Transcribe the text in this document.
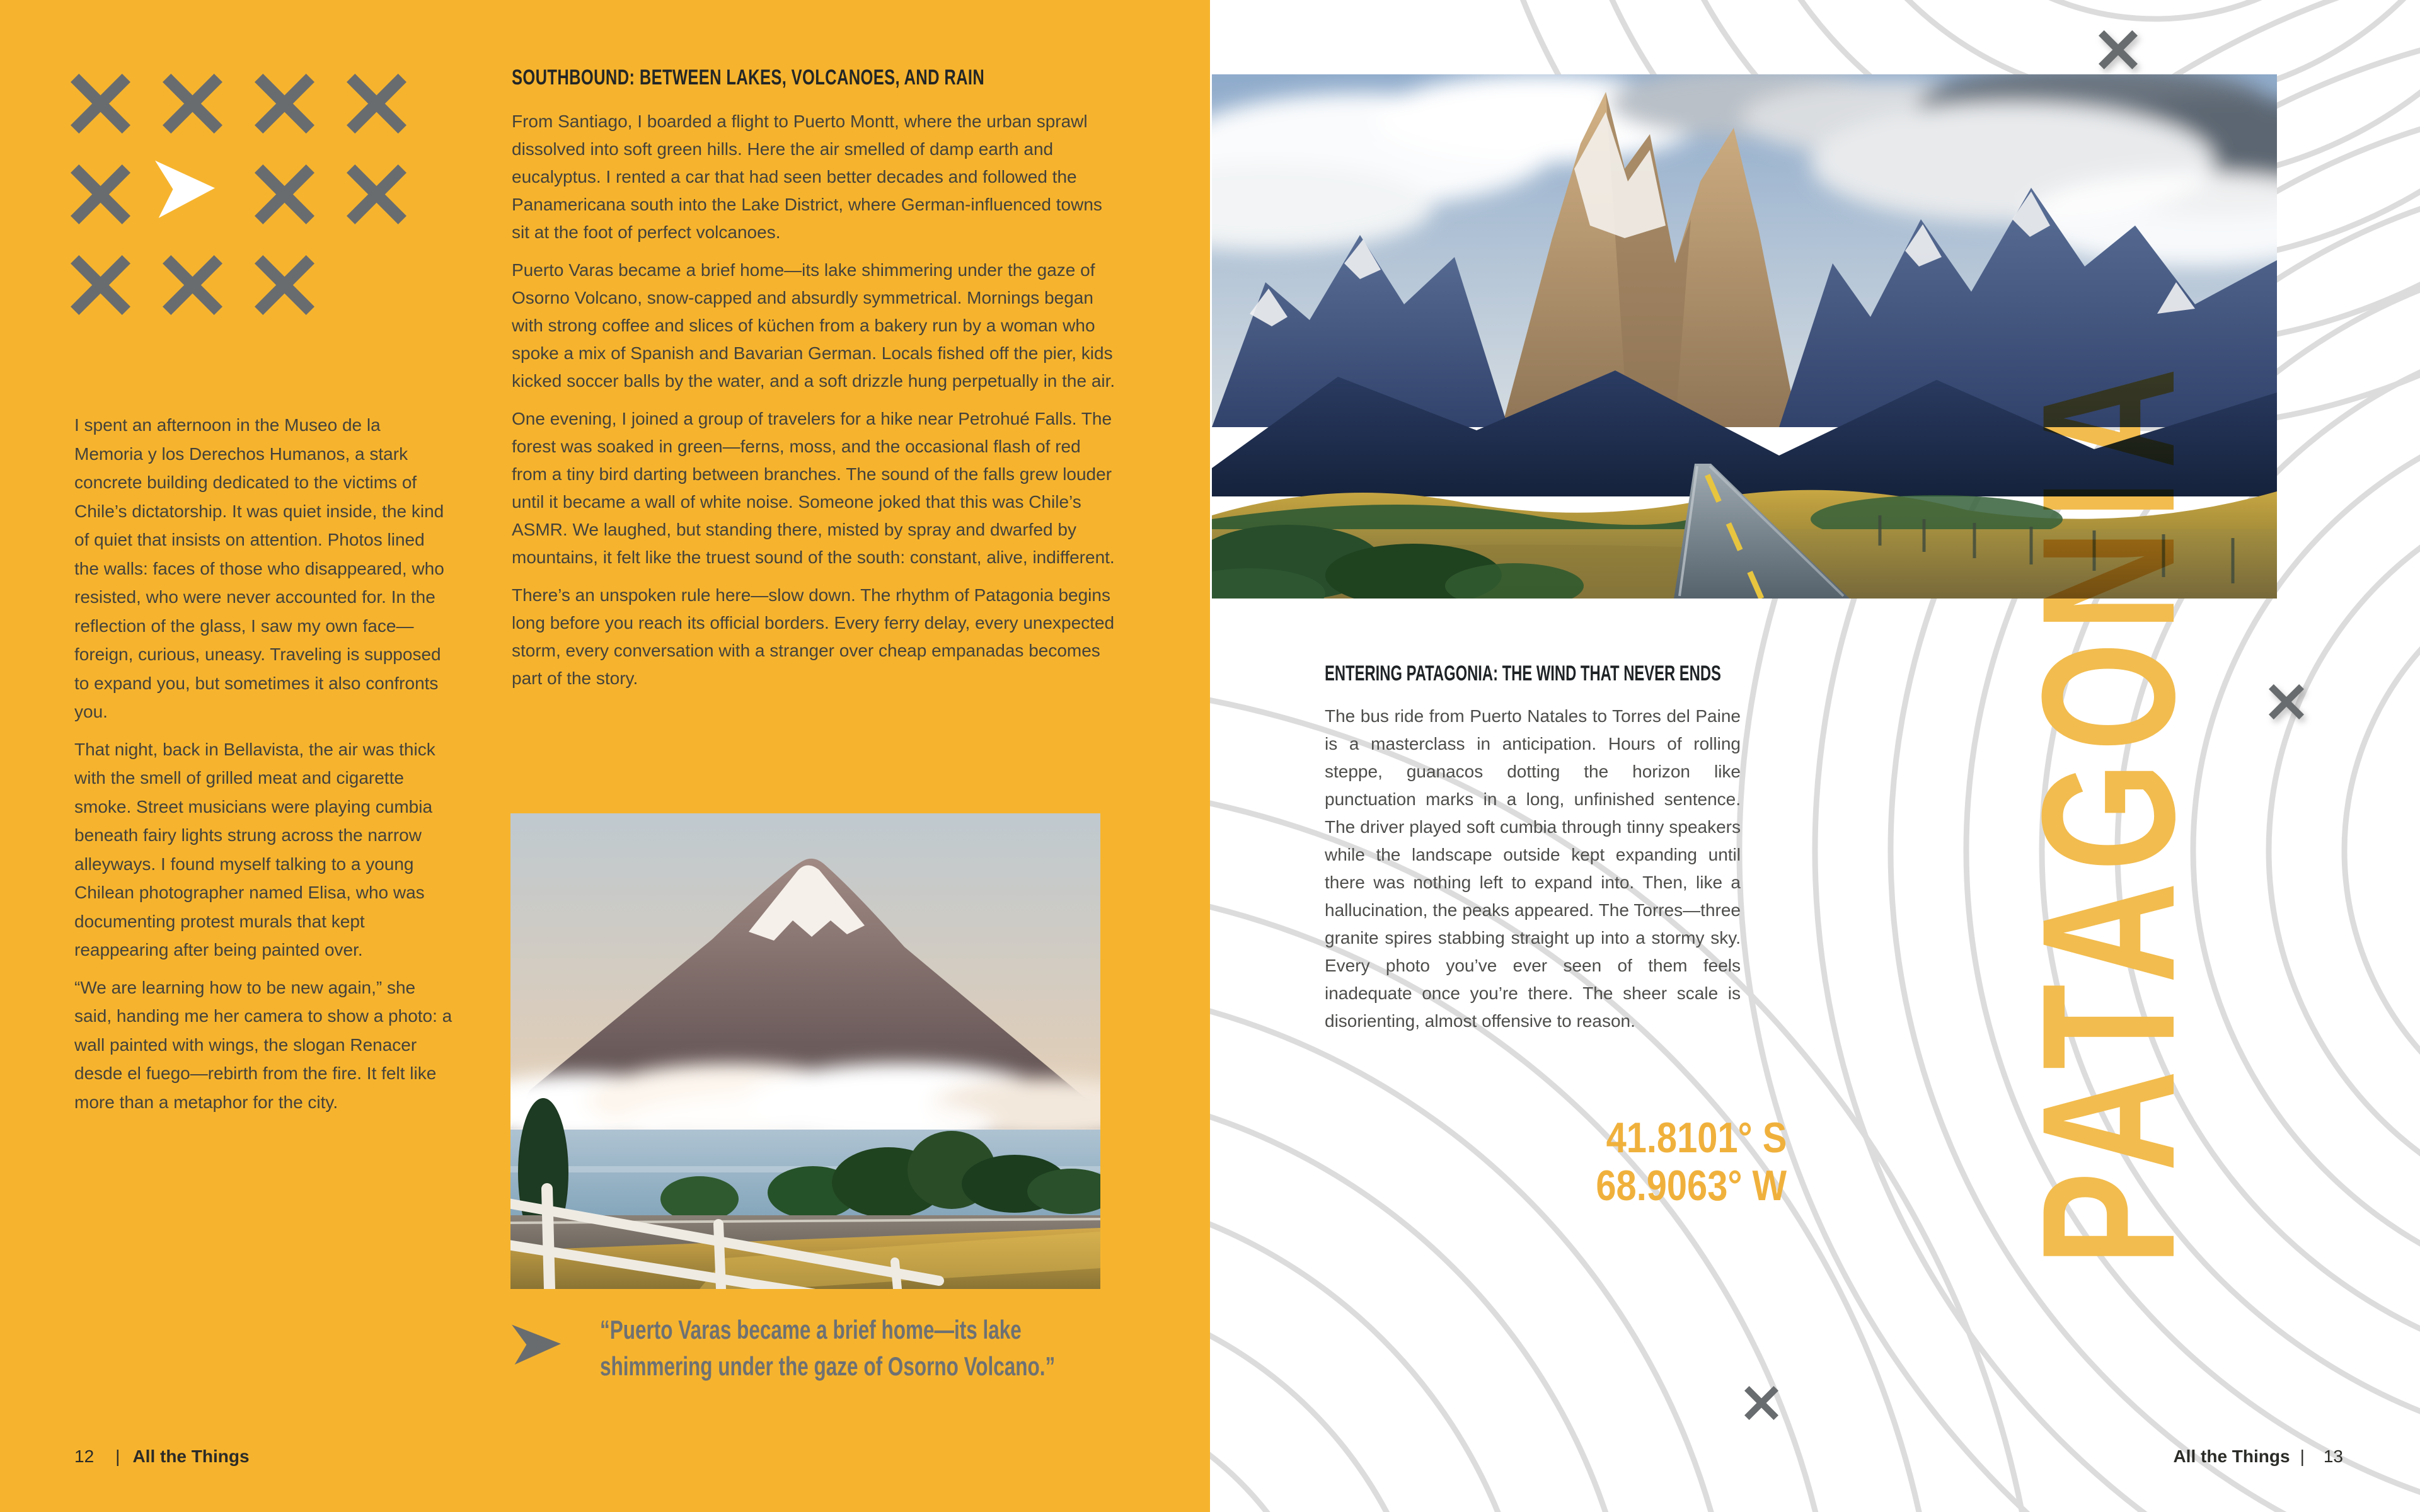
I spent an afternoon in the Museo de la Memoria y los Derechos Humanos, a stark concrete building dedicated to the victims of Chile’s dictatorship. It was quiet inside, the kind of quiet that insists on attention. Photos lined the walls: faces of those who disappeared, who resisted, who were never accounted for. In the reflection of the glass, I saw my own face—foreign, curious, uneasy. Traveling is supposed to expand you, but sometimes it also confronts you.

That night, back in Bellavista, the air was thick with the smell of grilled meat and cigarette smoke. Street musicians were playing cumbia beneath fairy lights strung across the narrow alleyways. I found myself talking to a young Chilean photographer named Elisa, who was documenting protest murals that kept reappearing after being painted over.

“We are learning how to be new again,” she said, handing me her camera to show a photo: a wall painted with wings, the slogan Renacer desde el fuego—rebirth from the fire. It felt like more than a metaphor for the city.

SOUTHBOUND: BETWEEN LAKES, VOLCANOES, AND RAIN

From Santiago, I boarded a flight to Puerto Montt, where the urban sprawl dissolved into soft green hills. Here the air smelled of damp earth and eucalyptus. I rented a car that had seen better decades and followed the Panamericana south into the Lake District, where German-influenced towns sit at the foot of perfect volcanoes.

Puerto Varas became a brief home—its lake shimmering under the gaze of Osorno Volcano, snow-capped and absurdly symmetrical. Mornings began with strong coffee and slices of küchen from a bakery run by a woman who spoke a mix of Spanish and Bavarian German. Locals fished off the pier, kids kicked soccer balls by the water, and a soft drizzle hung perpetually in the air.

One evening, I joined a group of travelers for a hike near Petrohué Falls. The forest was soaked in green—ferns, moss, and the occasional flash of red from a tiny bird darting between branches. The sound of the falls grew louder until it became a wall of white noise. Someone joked that this was Chile’s ASMR. We laughed, but standing there, misted by spray and dwarfed by mountains, it felt like the truest sound of the south: constant, alive, indifferent.

There’s an unspoken rule here—slow down. The rhythm of Patagonia begins long before you reach its official borders. Every ferry delay, every unexpected storm, every conversation with a stranger over cheap empanadas becomes part of the story.

“Puerto Varas became a brief home—its lake shimmering under the gaze of Osorno Volcano.”
12 | All the Things
PATAGONIA
ENTERING PATAGONIA: THE WIND THAT NEVER ENDS

The bus ride from Puerto Natales to Torres del Paine is a masterclass in anticipation. Hours of rolling steppe, guanacos dotting the horizon like punctuation marks in a long, unfinished sentence. The driver played soft cumbia through tinny speakers while the landscape outside kept expanding until there was nothing left to expand into. Then, like a hallucination, the peaks appeared. The Torres—three granite spires stabbing straight up into a stormy sky. Every photo you’ve ever seen of them feels inadequate once you’re there. The sheer scale is disorienting, almost offensive to reason.

41.8101° S
68.9063° W
All the Things | 13
